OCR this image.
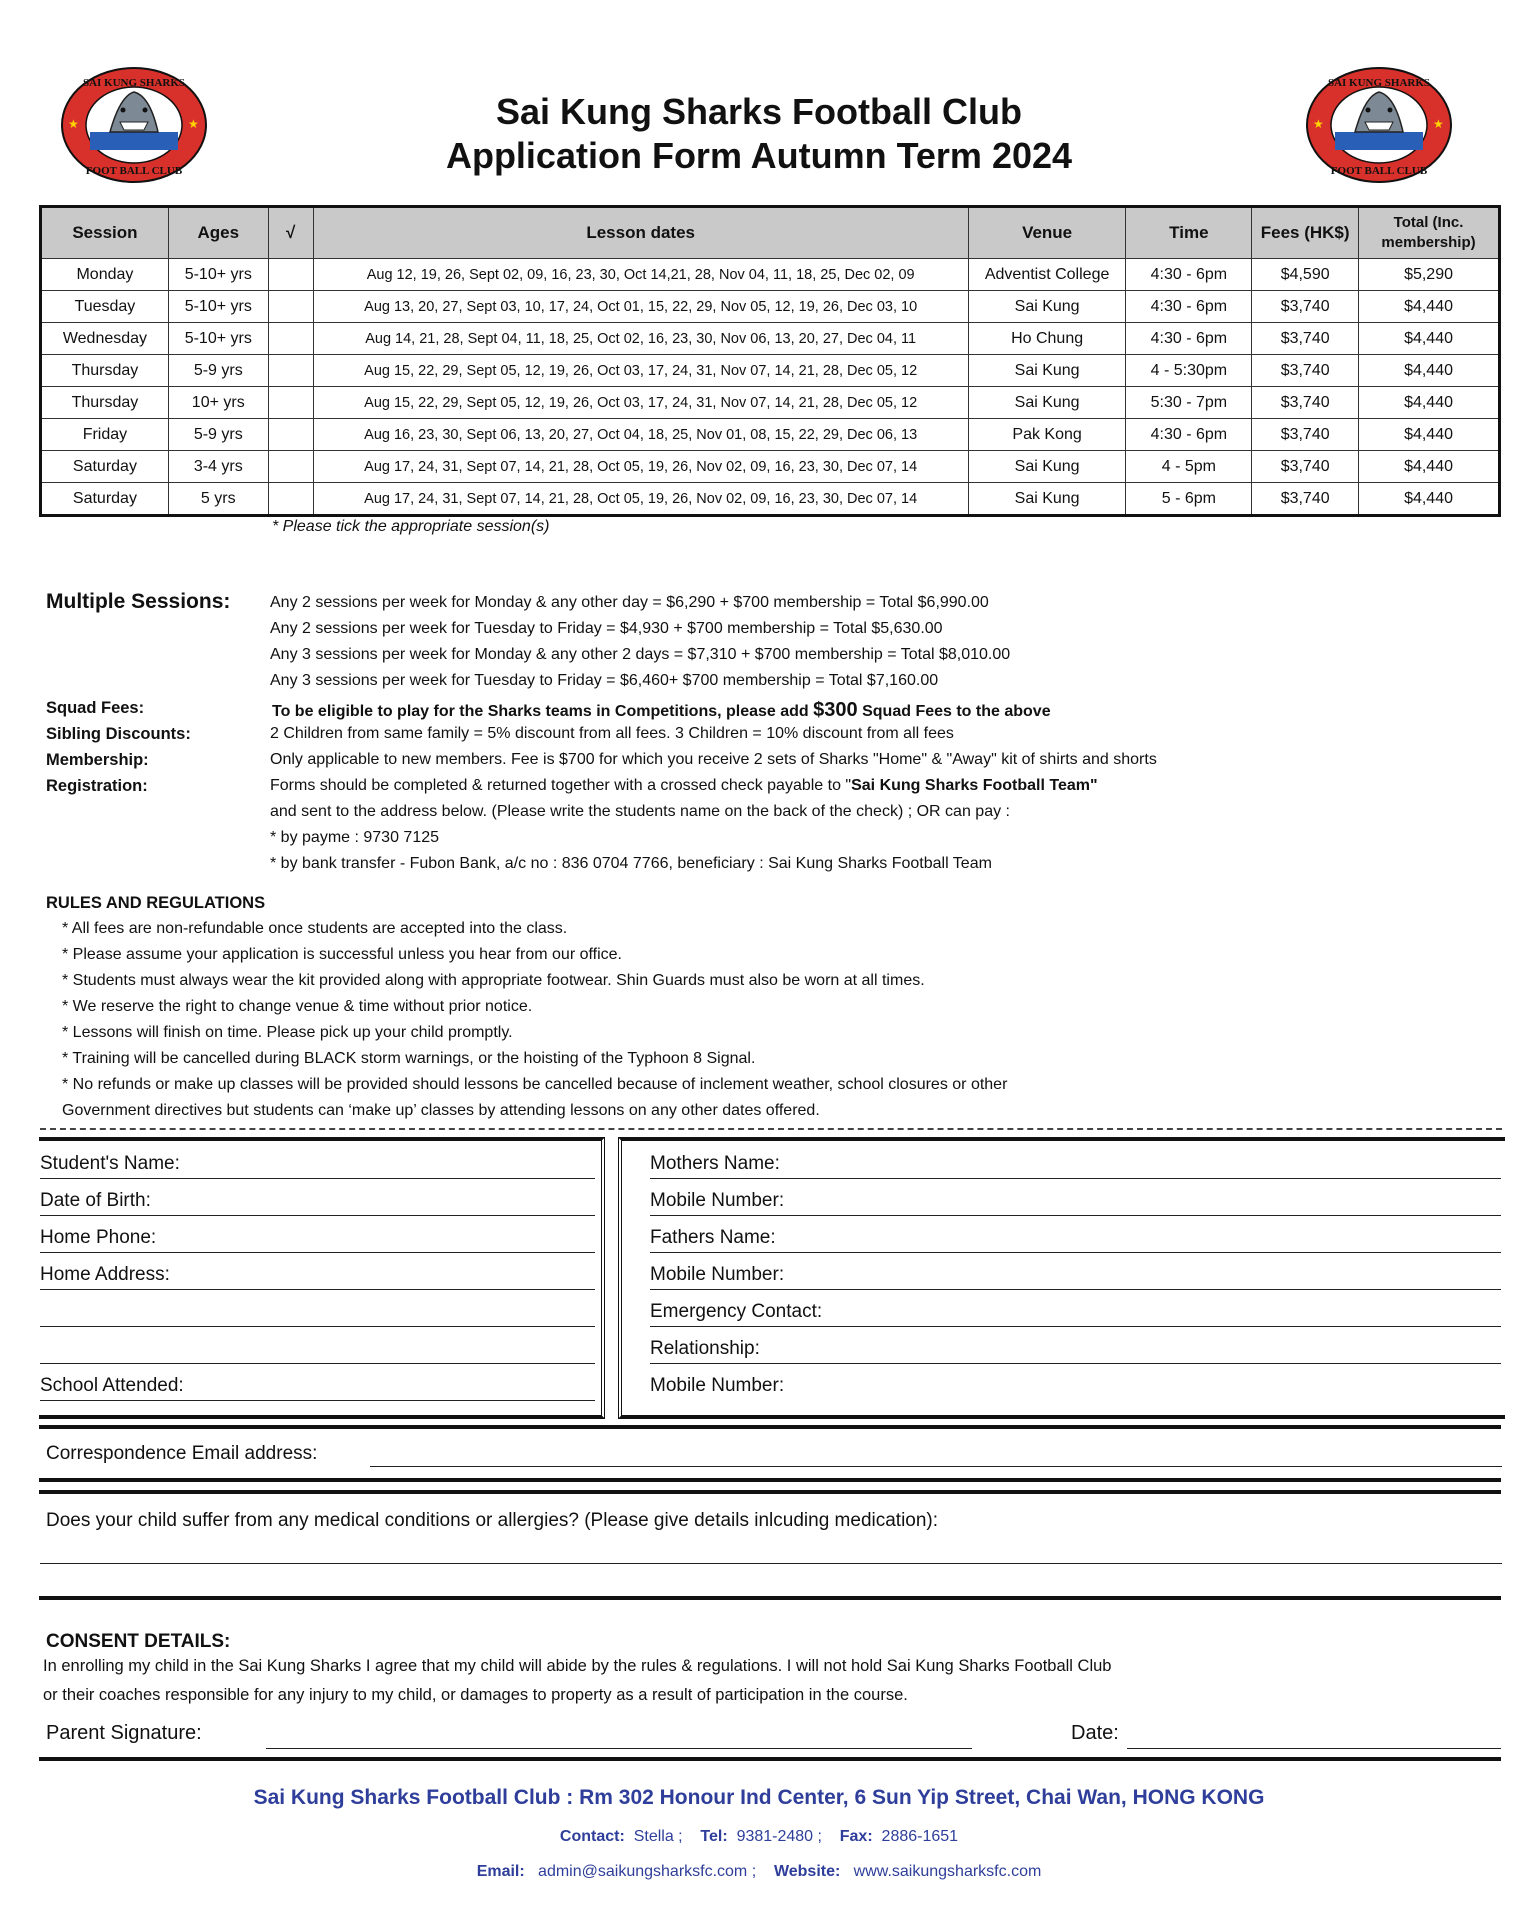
★	★
SAI KUNG SHARKS
FOOT BALL CLUB
★	★
SAI KUNG SHARKS
FOOT BALL CLUB
Sai Kung Sharks Football Club
Application Form Autumn Term 2024
Session	Ages	√	Lesson dates	Venue	Time	Fees (HK$)	Total (Inc. membership)
Monday	5-10+ yrs		Aug 12, 19, 26, Sept 02, 09, 16, 23, 30, Oct 14,21, 28, Nov 04, 11, 18, 25, Dec 02, 09	Adventist College	4:30 - 6pm	$4,590	$5,290
Tuesday	5-10+ yrs		Aug 13, 20, 27, Sept 03, 10, 17, 24, Oct 01, 15, 22, 29, Nov 05, 12, 19, 26, Dec 03, 10	Sai Kung	4:30 - 6pm	$3,740	$4,440
Wednesday	5-10+ yrs		Aug 14, 21, 28, Sept 04, 11, 18, 25, Oct 02, 16, 23, 30, Nov 06, 13, 20, 27, Dec 04, 11	Ho Chung	4:30 - 6pm	$3,740	$4,440
Thursday	5-9 yrs		Aug 15, 22, 29, Sept 05, 12, 19, 26, Oct 03, 17, 24, 31, Nov 07, 14, 21, 28, Dec 05, 12	Sai Kung	4 - 5:30pm	$3,740	$4,440
Thursday	10+ yrs		Aug 15, 22, 29, Sept 05, 12, 19, 26, Oct 03, 17, 24, 31, Nov 07, 14, 21, 28, Dec 05, 12	Sai Kung	5:30 - 7pm	$3,740	$4,440
Friday	5-9 yrs		Aug 16, 23, 30, Sept 06, 13, 20, 27, Oct 04, 18, 25, Nov 01, 08, 15, 22, 29, Dec 06, 13	Pak Kong	4:30 - 6pm	$3,740	$4,440
Saturday	3-4 yrs		Aug 17, 24, 31, Sept 07, 14, 21, 28, Oct 05, 19, 26, Nov 02, 09, 16, 23, 30, Dec 07, 14	Sai Kung	4 - 5pm	$3,740	$4,440
Saturday	5 yrs		Aug 17, 24, 31, Sept 07, 14, 21, 28, Oct 05, 19, 26, Nov 02, 09, 16, 23, 30, Dec 07, 14	Sai Kung	5 - 6pm	$3,740	$4,440
* Please tick the appropriate session(s)
Multiple Sessions: Any 2 sessions per week for Monday & any other day = $6,290 + $700 membership = Total $6,990.00
Any 2 sessions per week for Tuesday to Friday = $4,930 + $700 membership = Total $5,630.00
Any 3 sessions per week for Monday & any other 2 days = $7,310 + $700 membership = Total $8,010.00
Any 3 sessions per week for Tuesday to Friday = $6,460+ $700 membership = Total $7,160.00
Squad Fees:	To be eligible to play for the Sharks teams in Competitions, please add $300 Squad Fees to the above
Sibling Discounts:	2 Children from same family = 5% discount from all fees. 3 Children = 10% discount from all fees
Membership:	Only applicable to new members. Fee is $700 for which you receive 2 sets of Sharks "Home" & "Away" kit of shirts and shorts
Registration:	Forms should be completed & returned together with a crossed check payable to "Sai Kung Sharks Football Team"
and sent to the address below. (Please write the students name on the back of the check) ; OR can pay :
* by payme : 9730 7125
* by bank transfer - Fubon Bank, a/c no : 836 0704 7766, beneficiary : Sai Kung Sharks Football Team
RULES AND REGULATIONS
* All fees are non-refundable once students are accepted into the class.
* Please assume your application is successful unless you hear from our office.
* Students must always wear the kit provided along with appropriate footwear. Shin Guards must also be worn at all times.
* We reserve the right to change venue & time without prior notice.
* Lessons will finish on time. Please pick up your child promptly.
* Training will be cancelled during BLACK storm warnings, or the hoisting of the Typhoon 8 Signal.
* No refunds or make up classes will be provided should lessons be cancelled because of inclement weather, school closures or other
Government directives but students can ‘make up’ classes by attending lessons on any other dates offered.
Student's Name:
Date of Birth:
Home Phone:
Home Address:
School Attended:
Mothers Name:
Mobile Number:
Fathers Name:
Mobile Number:
Emergency Contact:
Relationship:
Mobile Number:
Correspondence Email address:
Does your child suffer from any medical conditions or allergies? (Please give details inlcuding medication):
CONSENT DETAILS:
In enrolling my child in the Sai Kung Sharks I agree that my child will abide by the rules & regulations. I will not hold Sai Kung Sharks Football Club
or their coaches responsible for any injury to my child, or damages to property as a result of participation in the course.
Parent Signature:	Date:
Sai Kung Sharks Football Club : Rm 302 Honour Ind Center, 6 Sun Yip Street, Chai Wan, HONG KONG
Contact: Stella ; Tel: 9381-2480 ; Fax: 2886-1651
Email: admin@saikungsharksfc.com ; Website: www.saikungsharksfc.com
